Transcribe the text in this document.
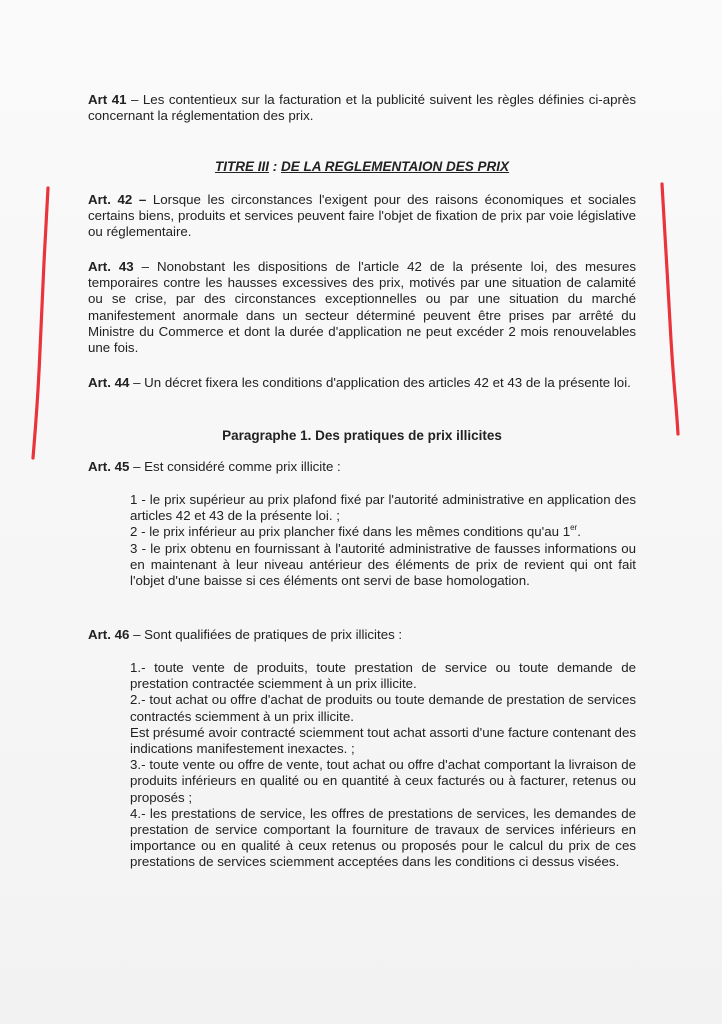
Art 41 – Les contentieux sur la facturation et la publicité suivent les règles définies ci-après concernant la réglementation des prix.

TITRE III : DE LA REGLEMENTAION DES PRIX

Art. 42 – Lorsque les circonstances l'exigent pour des raisons économiques et sociales certains biens, produits et services peuvent faire l'objet de fixation de prix par voie législative ou réglementaire.

Art. 43 – Nonobstant les dispositions de l'article 42 de la présente loi, des mesures temporaires contre les hausses excessives des prix, motivés par une situation de calamité ou se crise, par des circonstances exceptionnelles ou par une situation du marché manifestement anormale dans un secteur déterminé peuvent être prises par arrêté du Ministre du Commerce et dont la durée d'application ne peut excéder 2 mois renouvelables une fois.

Art. 44 – Un décret fixera les conditions d'application des articles 42 et 43 de la présente loi.

Paragraphe 1. Des pratiques de prix illicites

Art. 45 – Est considéré comme prix illicite :

1 - le prix supérieur au prix plafond fixé par l'autorité administrative en application des articles 42 et 43 de la présente loi. ;
2 - le prix inférieur au prix plancher fixé dans les mêmes conditions qu'au 1er.
3 - le prix obtenu en fournissant à l'autorité administrative de fausses informations ou en maintenant à leur niveau antérieur des éléments de prix de revient qui ont fait l'objet d'une baisse si ces éléments ont servi de base homologation.

Art. 46 – Sont qualifiées de pratiques de prix illicites :

1.- toute vente de produits, toute prestation de service ou toute demande de prestation contractée sciemment à un prix illicite.
2.- tout achat ou offre d'achat de produits ou toute demande de prestation de services contractés sciemment à un prix illicite.
Est présumé avoir contracté sciemment tout achat assorti d'une facture contenant des indications manifestement inexactes. ;
3.- toute vente ou offre de vente, tout achat ou offre d'achat comportant la livraison de produits inférieurs en qualité ou en quantité à ceux facturés ou à facturer, retenus ou proposés ;
4.- les prestations de service, les offres de prestations de services, les demandes de prestation de service comportant la fourniture de travaux de services inférieurs en importance ou en qualité à ceux retenus ou proposés pour le calcul du prix de ces prestations de services sciemment acceptées dans les conditions ci dessus visées.
